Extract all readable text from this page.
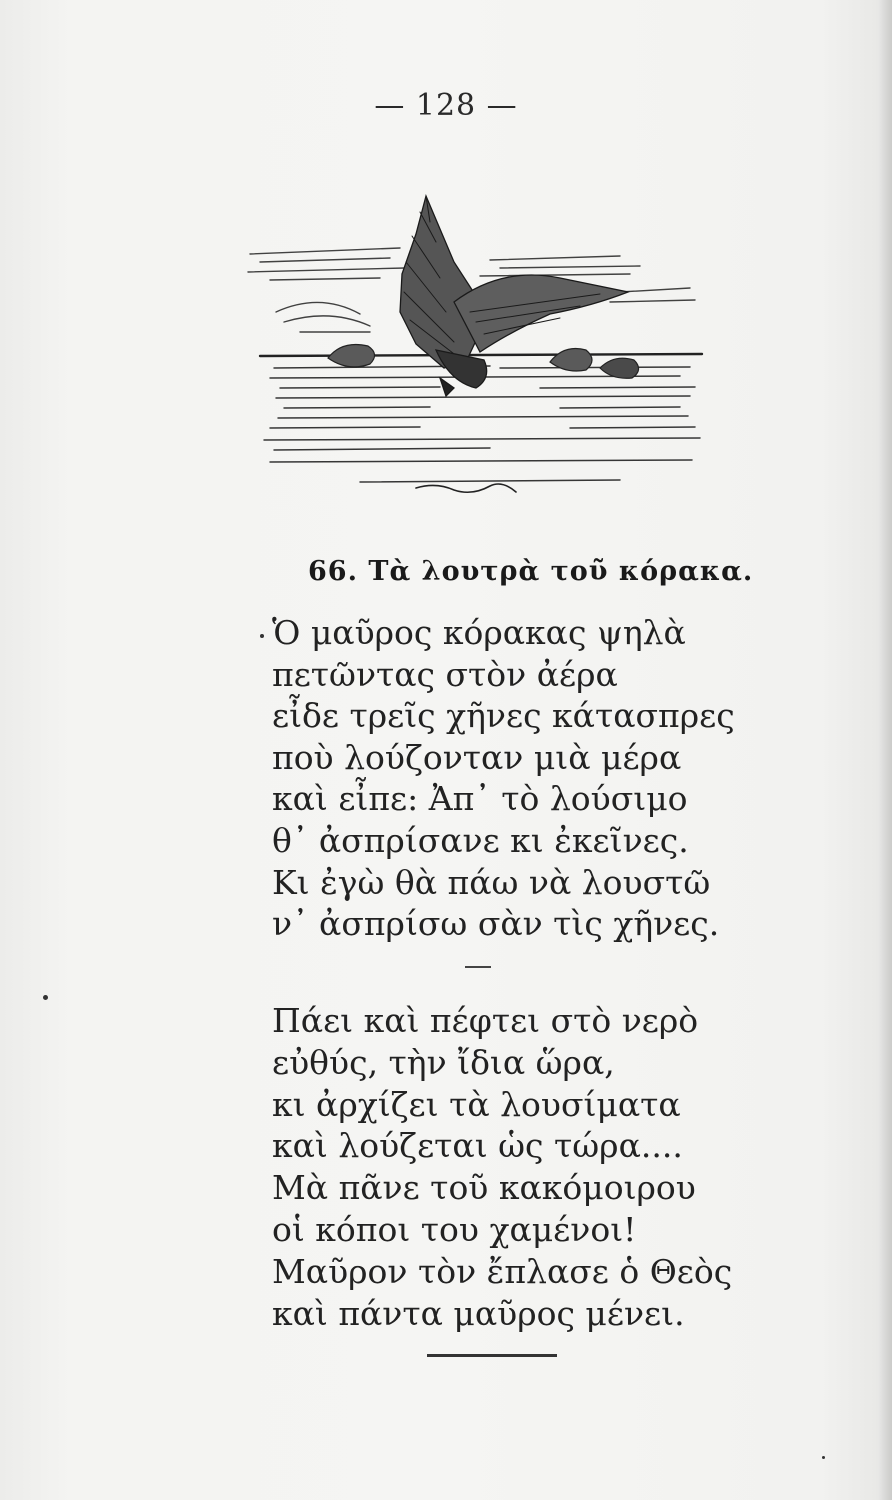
— 128 —
66. Τὰ λουτρὰ τοῦ κόρακα.
Ὁ μαῦρος κόρακας ψηλὰ
πετῶντας στὸν ἀέρα
εἶδε τρεῖς χῆνες κάτασπρες
ποὺ λούζονταν μιὰ μέρα
καὶ εἶπε: Ἀπ᾿ τὸ λούσιμο
θ᾿ ἀσπρίσανε κι ἐκεῖνες.
Κι ἐγὼ θὰ πάω νὰ λουστῶ
ν᾿ ἀσπρίσω σὰν τὶς χῆνες.
Πάει καὶ πέφτει στὸ νερὸ
εὐθύς, τὴν ἴδια ὥρα,
κι ἀρχίζει τὰ λουσίματα
καὶ λούζεται ὡς τώρα....
Μὰ πᾶνε τοῦ κακόμοιρου
οἱ κόποι του χαμένοι!
Μαῦρον τὸν ἔπλασε ὁ Θεὸς
καὶ πάντα μαῦρος μένει.
